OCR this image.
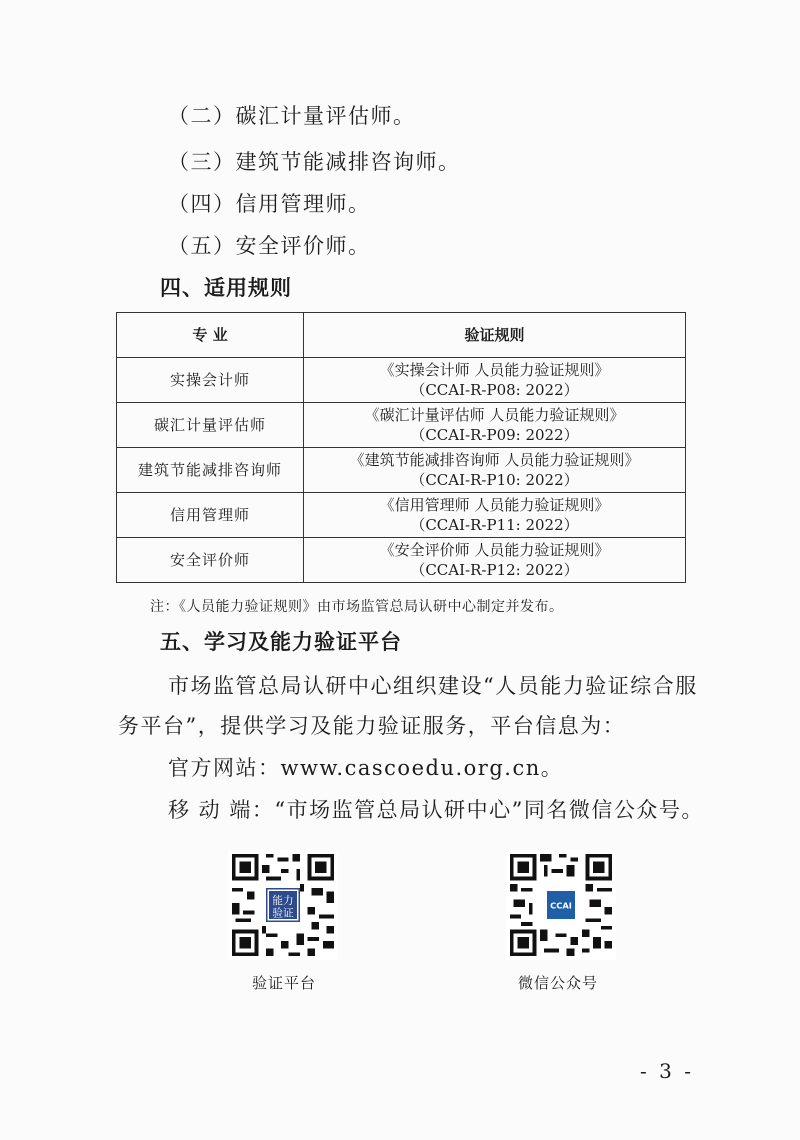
（二）碳汇计量评估师。
（三）建筑节能减排咨询师。
（四）信用管理师。
（五）安全评价师。
四、适用规则
专 业	验证规则
实操会计师	《实操会计师 人员能力验证规则》
（CCAI-R-P08: 2022）

碳汇计量评估师	《碳汇计量评估师 人员能力验证规则》
（CCAI-R-P09: 2022）

建筑节能减排咨询师	《建筑节能减排咨询师 人员能力验证规则》
（CCAI-R-P10: 2022）

信用管理师	《信用管理师 人员能力验证规则》
（CCAI-R-P11: 2022）

安全评价师	《安全评价师 人员能力验证规则》
（CCAI-R-P12: 2022）
注：《人员能力验证规则》由市场监管总局认研中心制定并发布。
五、学习及能力验证平台
市场监管总局认研中心组织建设“人员能力验证综合服
务平台”，提供学习及能力验证服务，平台信息为：
官方网站：www.cascoedu.org.cn。
移 动 端：“市场监管总局认研中心”同名微信公众号。
能力
验证
验证平台
CCAI
微信公众号
- 3 -
